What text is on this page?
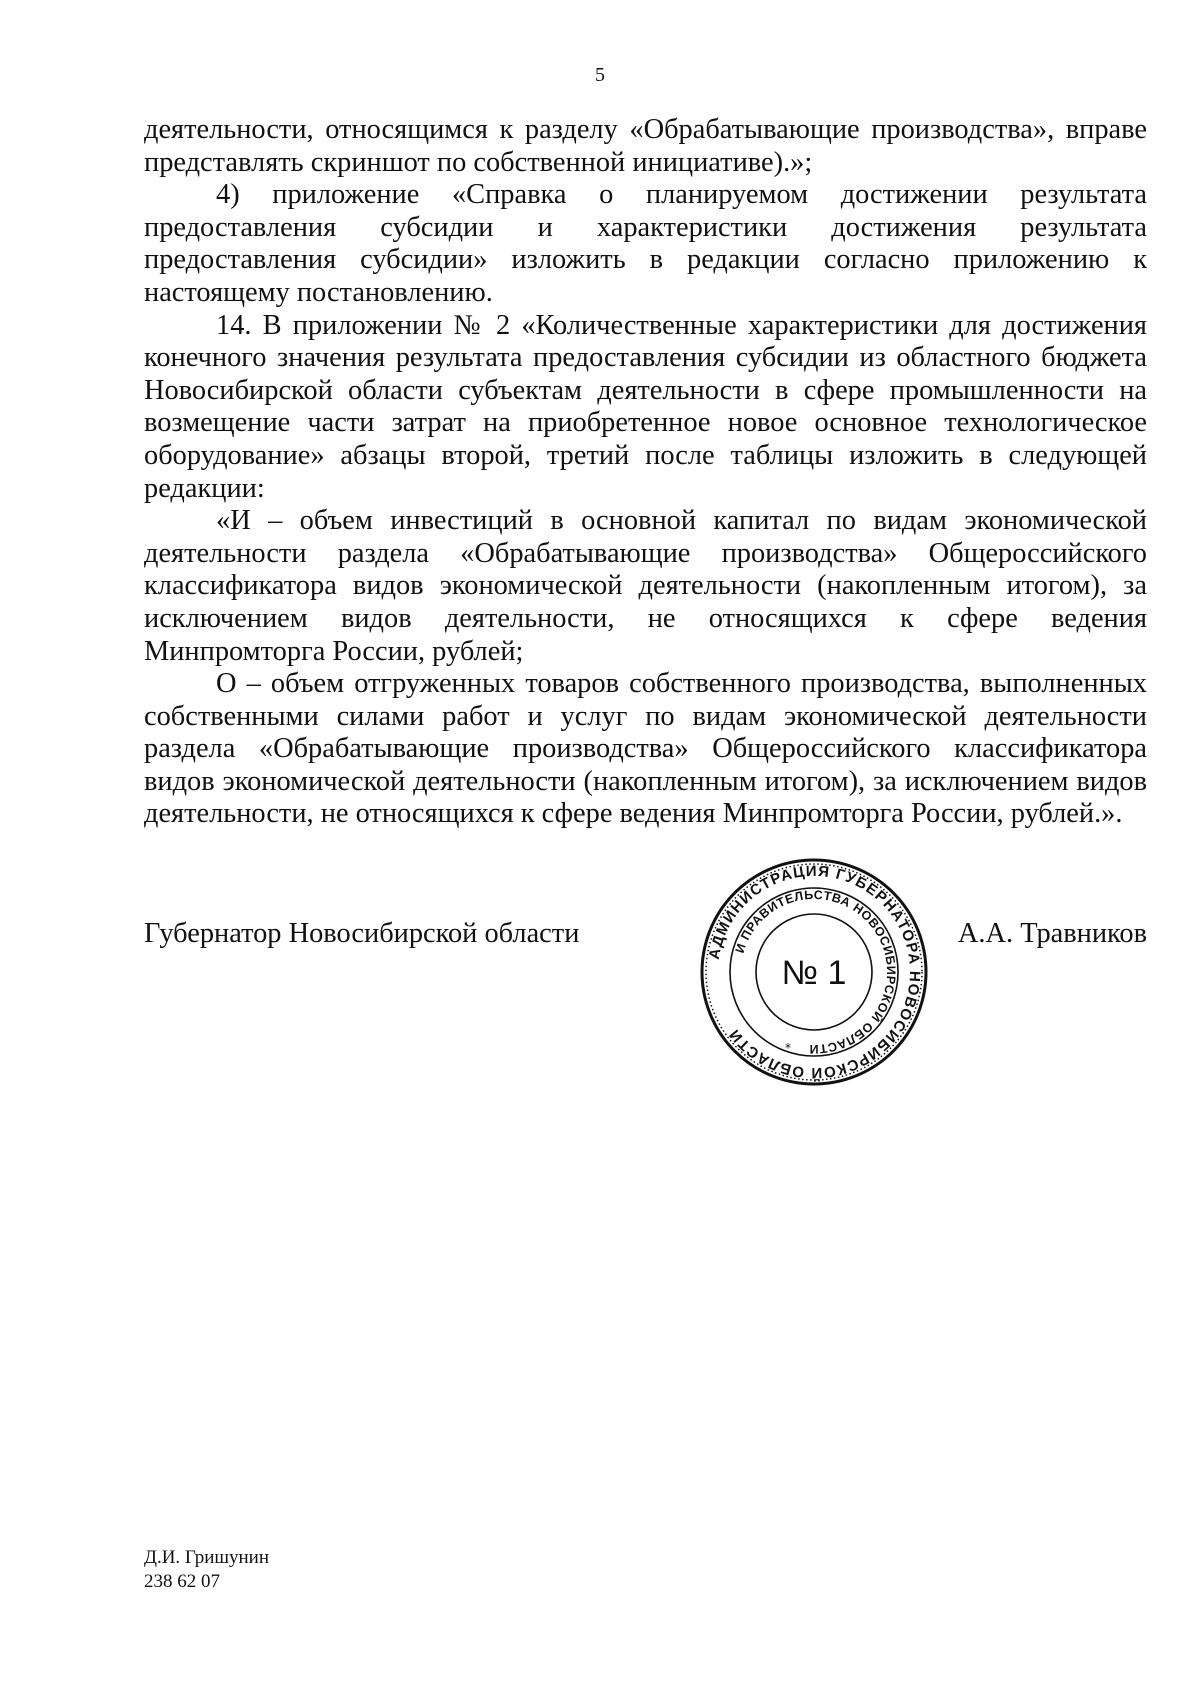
5

деятельности, относящимся к разделу «Обрабатывающие производства», вправе представлять скриншот по собственной инициативе).»;

4) приложение «Справка о планируемом достижении результата предоставления субсидии и характеристики достижения результата предоставления субсидии» изложить в редакции согласно приложению к настоящему постановлению.

14. В приложении № 2 «Количественные характеристики для достижения конечного значения результата предоставления субсидии из областного бюджета Новосибирской области субъектам деятельности в сфере промышленности на возмещение части затрат на приобретенное новое основное технологическое оборудование» абзацы второй, третий после таблицы изложить в следующей редакции:

«И – объем инвестиций в основной капитал по видам экономической деятельности раздела «Обрабатывающие производства» Общероссийского классификатора видов экономической деятельности (накопленным итогом), за исключением видов деятельности, не относящихся к сфере ведения Минпромторга России, рублей;

О – объем отгруженных товаров собственного производства, выполненных собственными силами работ и услуг по видам экономической деятельности раздела «Обрабатывающие производства» Общероссийского классификатора видов экономической деятельности (накопленным итогом), за исключением видов деятельности, не относящихся к сфере ведения Минпромторга России, рублей.».

Губернатор Новосибирской области
АДМИНИСТРАЦИЯ ГУБЕРНАТОРА НОВОСИБИРСКОЙ ОБЛАСТИ
И ПРАВИТЕЛЬСТВА НОВОСИБИРСКОЙ ОБЛАСТИ
№ 1
*
А.А. Травников
Д.И. Гришунин
238 62 07
